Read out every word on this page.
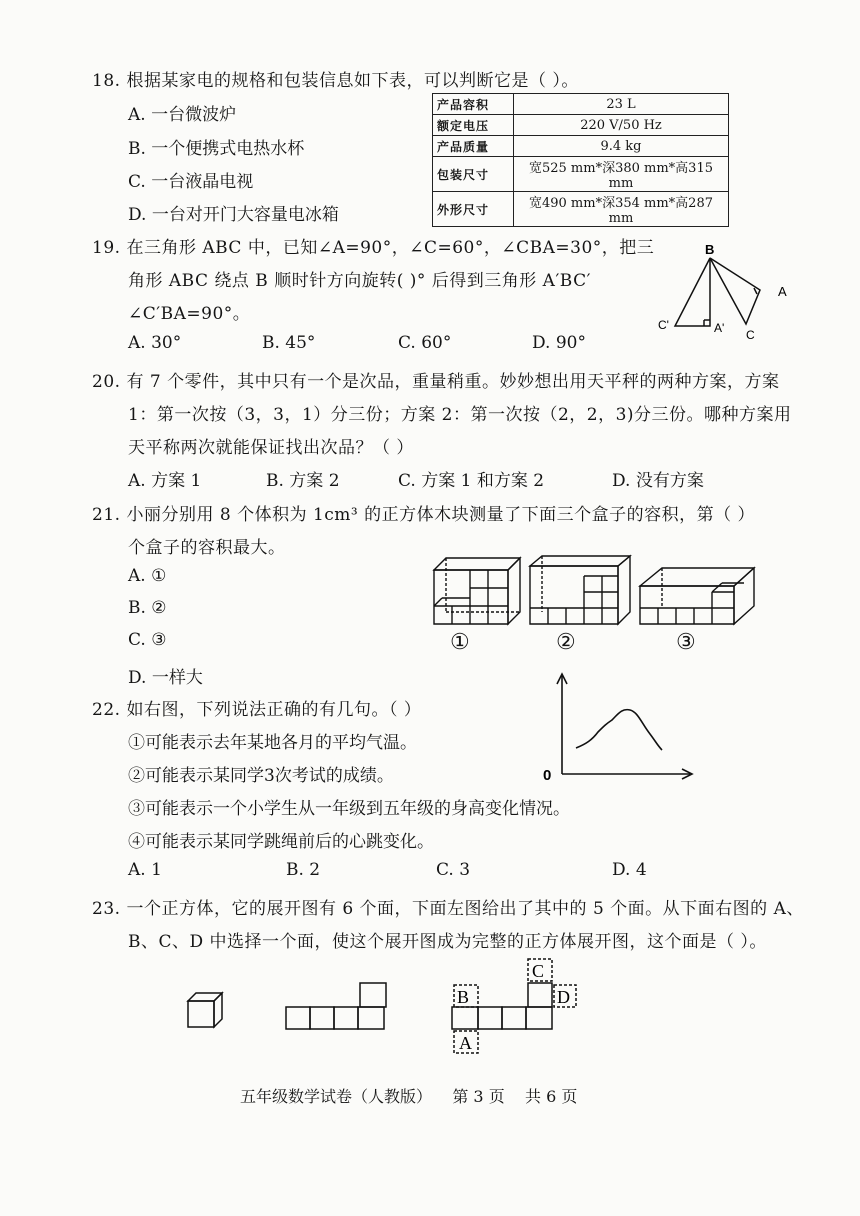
18. 根据某家电的规格和包装信息如下表，可以判断它是（ ）。
A. 一台微波炉
B. 一个便携式电热水杯
C. 一台液晶电视
D. 一台对开门大容量电冰箱
产品容积	23 L
额定电压	220 V/50 Hz
产品质量	9.4 kg
包装尺寸	宽525 mm*深380 mm*高315 mm
外形尺寸	宽490 mm*深354 mm*高287 mm
19. 在三角形 ABC 中，已知∠A=90°，∠C=60°，∠CBA=30°，把三
角形 ABC 绕点 B 顺时针方向旋转( )° 后得到三角形 A′BC′
∠C′BA=90°。
A. 30°	B. 45°	C. 60°	D. 90°
B
A
C'	A' C
20. 有 7 个零件，其中只有一个是次品，重量稍重。妙妙想出用天平秤的两种方案，方案
1：第一次按（3，3，1）分三份；方案 2：第一次按（2，2，3)分三份。哪种方案用
天平称两次就能保证找出次品？（ ）
A. 方案 1	B. 方案 2	C. 方案 1 和方案 2	D. 没有方案
21. 小丽分别用 8 个体积为 1cm³ 的正方体木块测量了下面三个盒子的容积，第（ ）
个盒子的容积最大。
A. ①
B. ②
C. ③
D. 一样大
①	②	③
22. 如右图，下列说法正确的有几句。（ ）
①可能表示去年某地各月的平均气温。
②可能表示某同学3次考试的成绩。
③可能表示一个小学生从一年级到五年级的身高变化情况。
④可能表示某同学跳绳前后的心跳变化。
A. 1	B. 2	C. 3	D. 4
0
23. 一个正方体，它的展开图有 6 个面，下面左图给出了其中的 5 个面。从下面右图的 A、
B、C、D 中选择一个面，使这个展开图成为完整的正方体展开图，这个面是（ ）。
B
A
C
D
五年级数学试卷（人教版）    第 3 页    共 6 页
